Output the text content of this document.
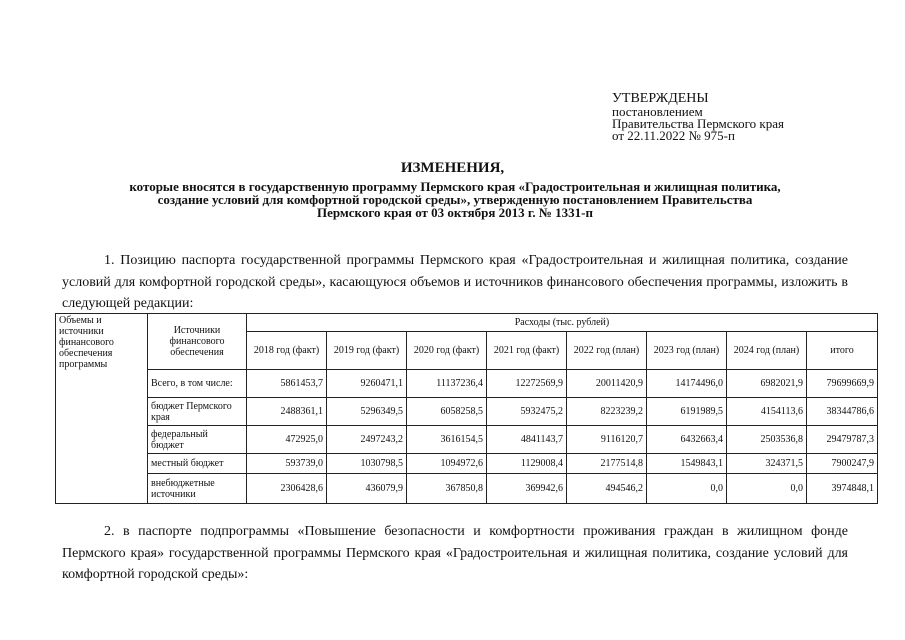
УТВЕРЖДЕНЫ
постановлением
Правительства Пермского края
от 22.11.2022 № 975-п
ИЗМЕНЕНИЯ,
которые вносятся в государственную программу Пермского края «Градостроительная и жилищная политика,
создание условий для комфортной городской среды», утвержденную постановлением Правительства
Пермского края от 03 октября 2013 г. № 1331-п
1. Позицию паспорта государственной программы Пермского края «Градостроительная и жилищная политика, создание условий для комфортной городской среды», касающуюся объемов и источников финансового обеспечения программы, изложить в следующей редакции:
Объемы и источники финансового обеспечения программы	Источники финансового обеспечения	Расходы (тыс. рублей)							
		2018 год (факт)	2019 год (факт)	2020 год (факт)	2021 год (факт)	2022 год (план)	2023 год (план)	2024 год (план)	итого
	Всего, в том числе:	5861453,7	9260471,1	11137236,4	12272569,9	20011420,9	14174496,0	6982021,9	79699669,9
	бюджет Пермского края	2488361,1	5296349,5	6058258,5	5932475,2	8223239,2	6191989,5	4154113,6	38344786,6
	федеральный бюджет	472925,0	2497243,2	3616154,5	4841143,7	9116120,7	6432663,4	2503536,8	29479787,3
	местный бюджет	593739,0	1030798,5	1094972,6	1129008,4	2177514,8	1549843,1	324371,5	7900247,9
	внебюджетные источники	2306428,6	436079,9	367850,8	369942,6	494546,2	0,0	0,0	3974848,1
2. в паспорте подпрограммы «Повышение безопасности и комфортности проживания граждан в жилищном фонде Пермского края» государственной программы Пермского края «Градостроительная и жилищная политика, создание условий для комфортной городской среды»:
